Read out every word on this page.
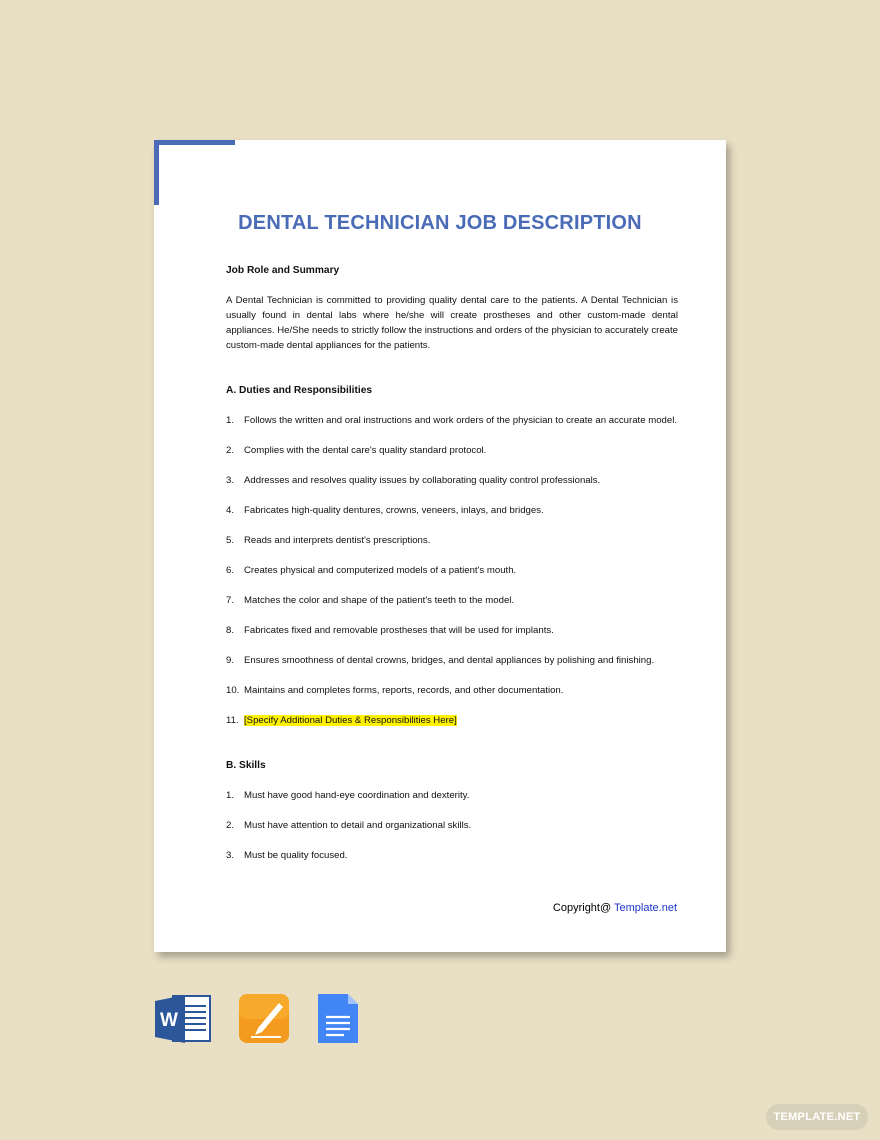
DENTAL TECHNICIAN JOB DESCRIPTION
Job Role and Summary
A Dental Technician is committed to providing quality dental care to the patients. A Dental Technician is usually found in dental labs where he/she will create prostheses and other custom-made dental appliances. He/She needs to strictly follow the instructions and orders of the physician to accurately create custom-made dental appliances for the patients.
A. Duties and Responsibilities
1.	Follows the written and oral instructions and work orders of the physician to create an accurate model.
2.	Complies with the dental care's quality standard protocol.
3.	Addresses and resolves quality issues by collaborating quality control professionals.
4.	Fabricates high-quality dentures, crowns, veneers, inlays, and bridges.
5.	Reads and interprets dentist's prescriptions.
6.	Creates physical and computerized models of a patient's mouth.
7.	Matches the color and shape of the patient's teeth to the model.
8.	Fabricates fixed and removable prostheses that will be used for implants.
9.	Ensures smoothness of dental crowns, bridges, and dental appliances by polishing and finishing.
10. Maintains and completes forms, reports, records, and other documentation.
11. [Specify Additional Duties & Responsibilities Here]
B. Skills
1.	Must have good hand-eye coordination and dexterity.
2.	Must have attention to detail and organizational skills.
3.	Must be quality focused.
Copyright@ Template.net
W
TEMPLATE.NET
